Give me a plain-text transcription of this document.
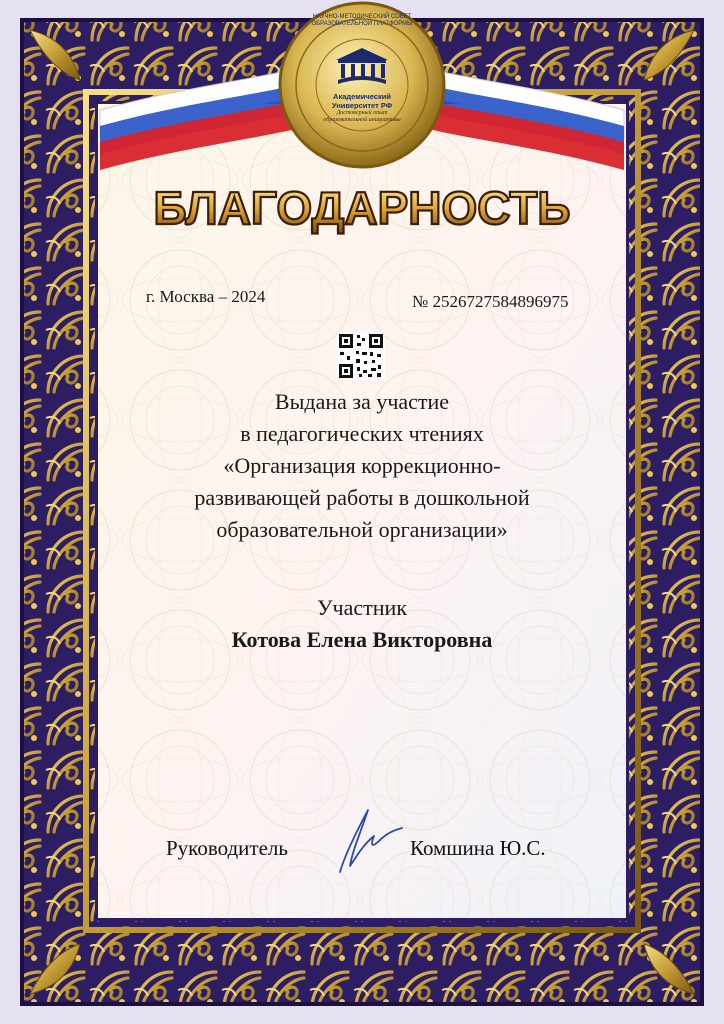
НАУЧНО-МЕТОДИЧЕСКИЙ СОВЕТ ОБРАЗОВАТЕЛЬНОЙ ПЛАТФОРМЫ
Академический Университет РФ
Достоверный опыт образовательной инициативы
БЛАГОДАРНОСТЬ
г. Москва – 2024	№ 2526727584896975
Выдана за участие
в педагогических чтениях
«Организация коррекционно-
развивающей работы в дошкольной
образовательной организации»
Участник
Котова Елена Викторовна
Руководитель	Комшина Ю.С.
